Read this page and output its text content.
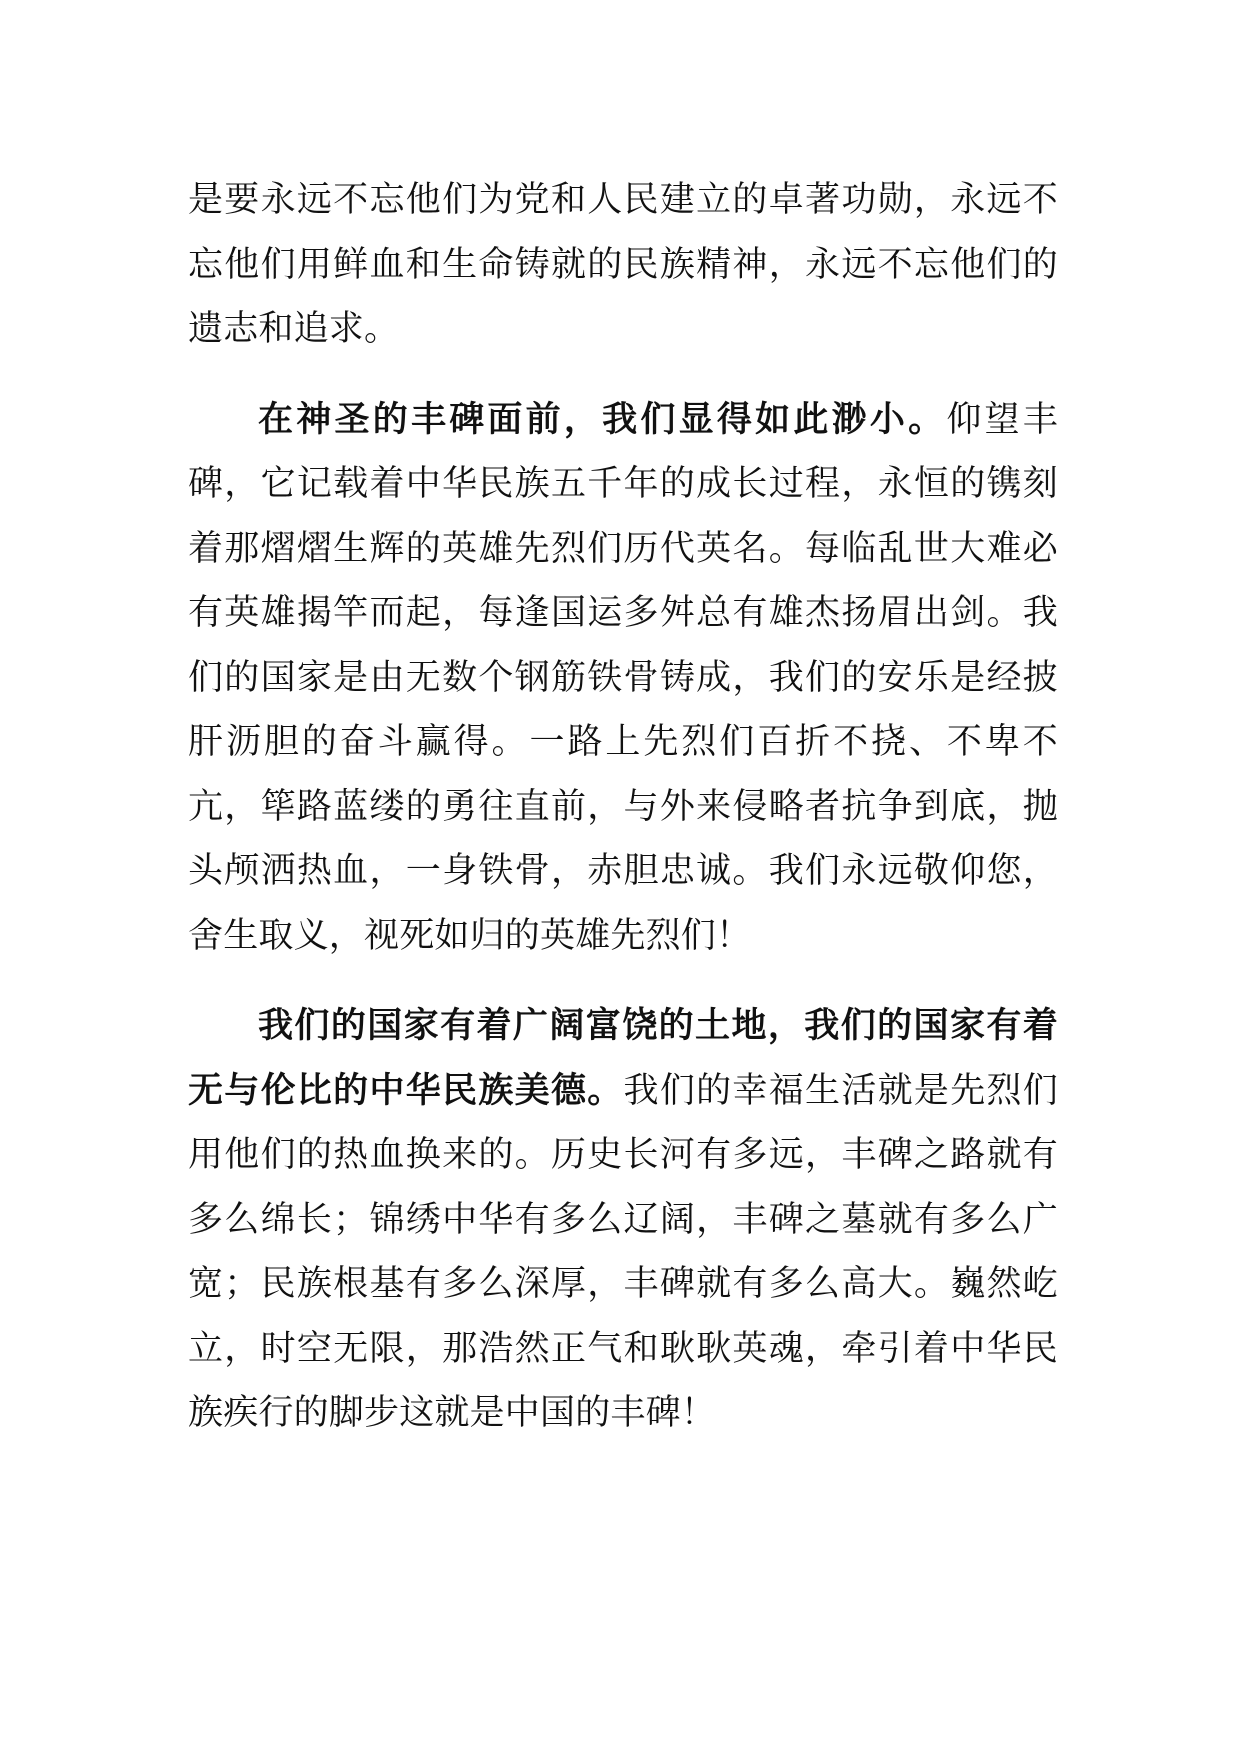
是要永远不忘他们为党和人民建立的卓著功勋，永远不忘他们用鲜血和生命铸就的民族精神，永远不忘他们的遗志和追求。

在神圣的丰碑面前，我们显得如此渺小。仰望丰碑，它记载着中华民族五千年的成长过程，永恒的镌刻着那熠熠生辉的英雄先烈们历代英名。每临乱世大难必有英雄揭竿而起，每逢国运多舛总有雄杰扬眉出剑。我们的国家是由无数个钢筋铁骨铸成，我们的安乐是经披肝沥胆的奋斗赢得。一路上先烈们百折不挠、不卑不亢，筚路蓝缕的勇往直前，与外来侵略者抗争到底，抛头颅洒热血，一身铁骨，赤胆忠诚。我们永远敬仰您，舍生取义，视死如归的英雄先烈们！

我们的国家有着广阔富饶的土地，我们的国家有着无与伦比的中华民族美德。我们的幸福生活就是先烈们用他们的热血换来的。历史长河有多远，丰碑之路就有多么绵长；锦绣中华有多么辽阔，丰碑之墓就有多么广宽；民族根基有多么深厚，丰碑就有多么高大。巍然屹立，时空无限，那浩然正气和耿耿英魂，牵引着中华民族疾行的脚步这就是中国的丰碑！
